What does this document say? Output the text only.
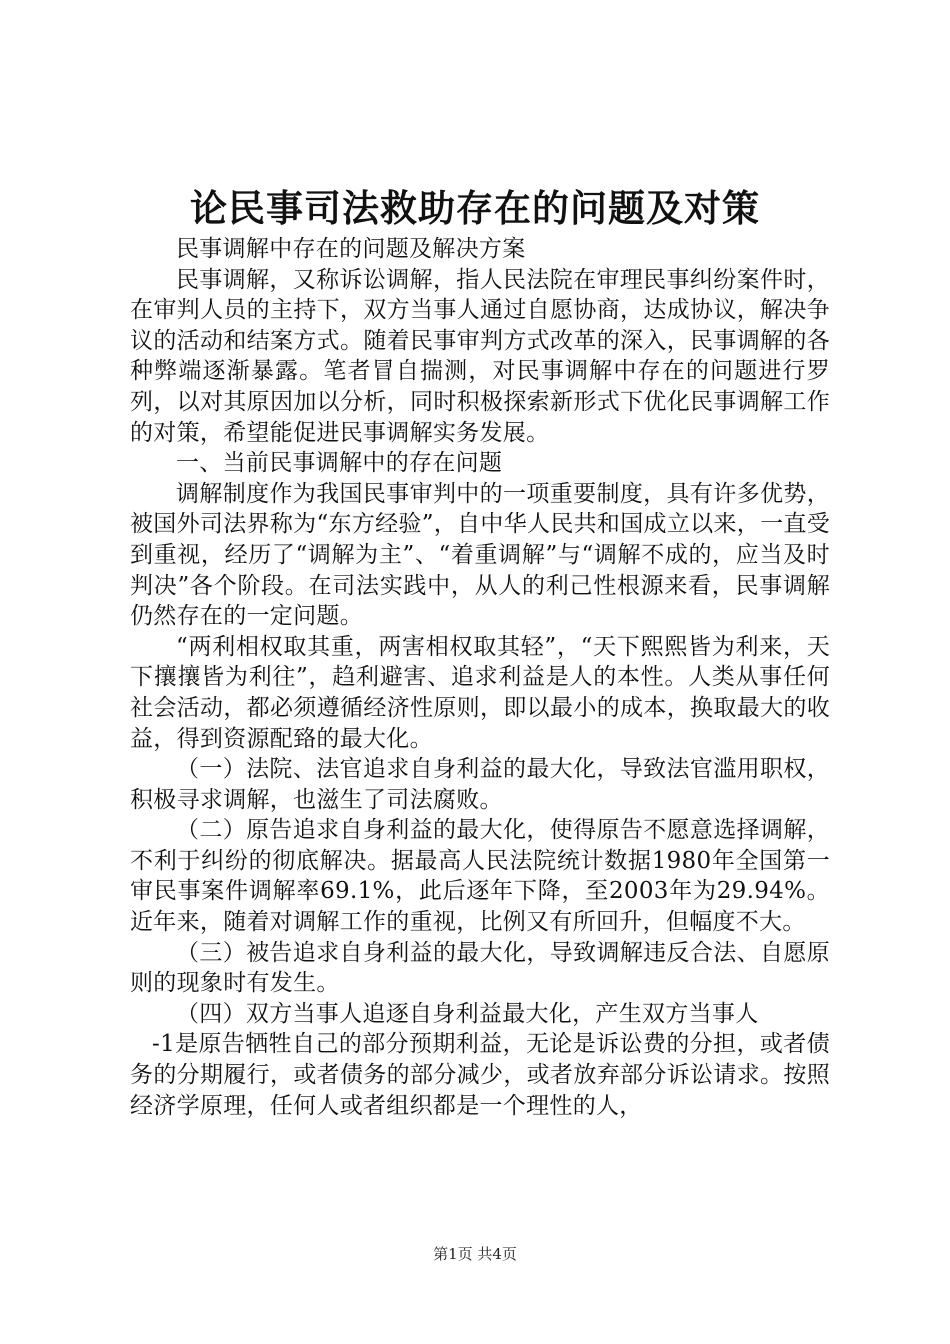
论民事司法救助存在的问题及对策

民事调解中存在的问题及解决方案

民事调解，又称诉讼调解，指人民法院在审理民事纠纷案件时，在审判人员的主持下，双方当事人通过自愿协商，达成协议，解决争议的活动和结案方式。随着民事审判方式改革的深入，民事调解的各种弊端逐渐暴露。笔者冒自揣测，对民事调解中存在的问题进行罗列，以对其原因加以分析，同时积极探索新形式下优化民事调解工作的对策，希望能促进民事调解实务发展。

一、当前民事调解中的存在问题

调解制度作为我国民事审判中的一项重要制度，具有许多优势，被国外司法界称为“东方经验”，自中华人民共和国成立以来，一直受到重视，经历了“调解为主”、“着重调解”与“调解不成的，应当及时判决”各个阶段。在司法实践中，从人的利己性根源来看，民事调解仍然存在的一定问题。

“两利相权取其重，两害相权取其轻”，“天下熙熙皆为利来，天下攘攘皆为利往”，趋利避害、追求利益是人的本性。人类从事任何社会活动，都必须遵循经济性原则，即以最小的成本，换取最大的收益，得到资源配臵的最大化。

（一）法院、法官追求自身利益的最大化，导致法官滥用职权，积极寻求调解，也滋生了司法腐败。

（二）原告追求自身利益的最大化，使得原告不愿意选择调解，不利于纠纷的彻底解决。据最高人民法院统计数据1980年全国第一审民事案件调解率69.1%，此后逐年下降，至2003年为29.94%。近年来，随着对调解工作的重视，比例又有所回升，但幅度不大。

（三）被告追求自身利益的最大化，导致调解违反合法、自愿原则的现象时有发生。

（四）双方当事人追逐自身利益最大化，产生双方当事人

-1是原告牺牲自己的部分预期利益，无论是诉讼费的分担，或者债务的分期履行，或者债务的部分减少，或者放弃部分诉讼请求。按照经济学原理，任何人或者组织都是一个理性的人，

第1页 共4页
